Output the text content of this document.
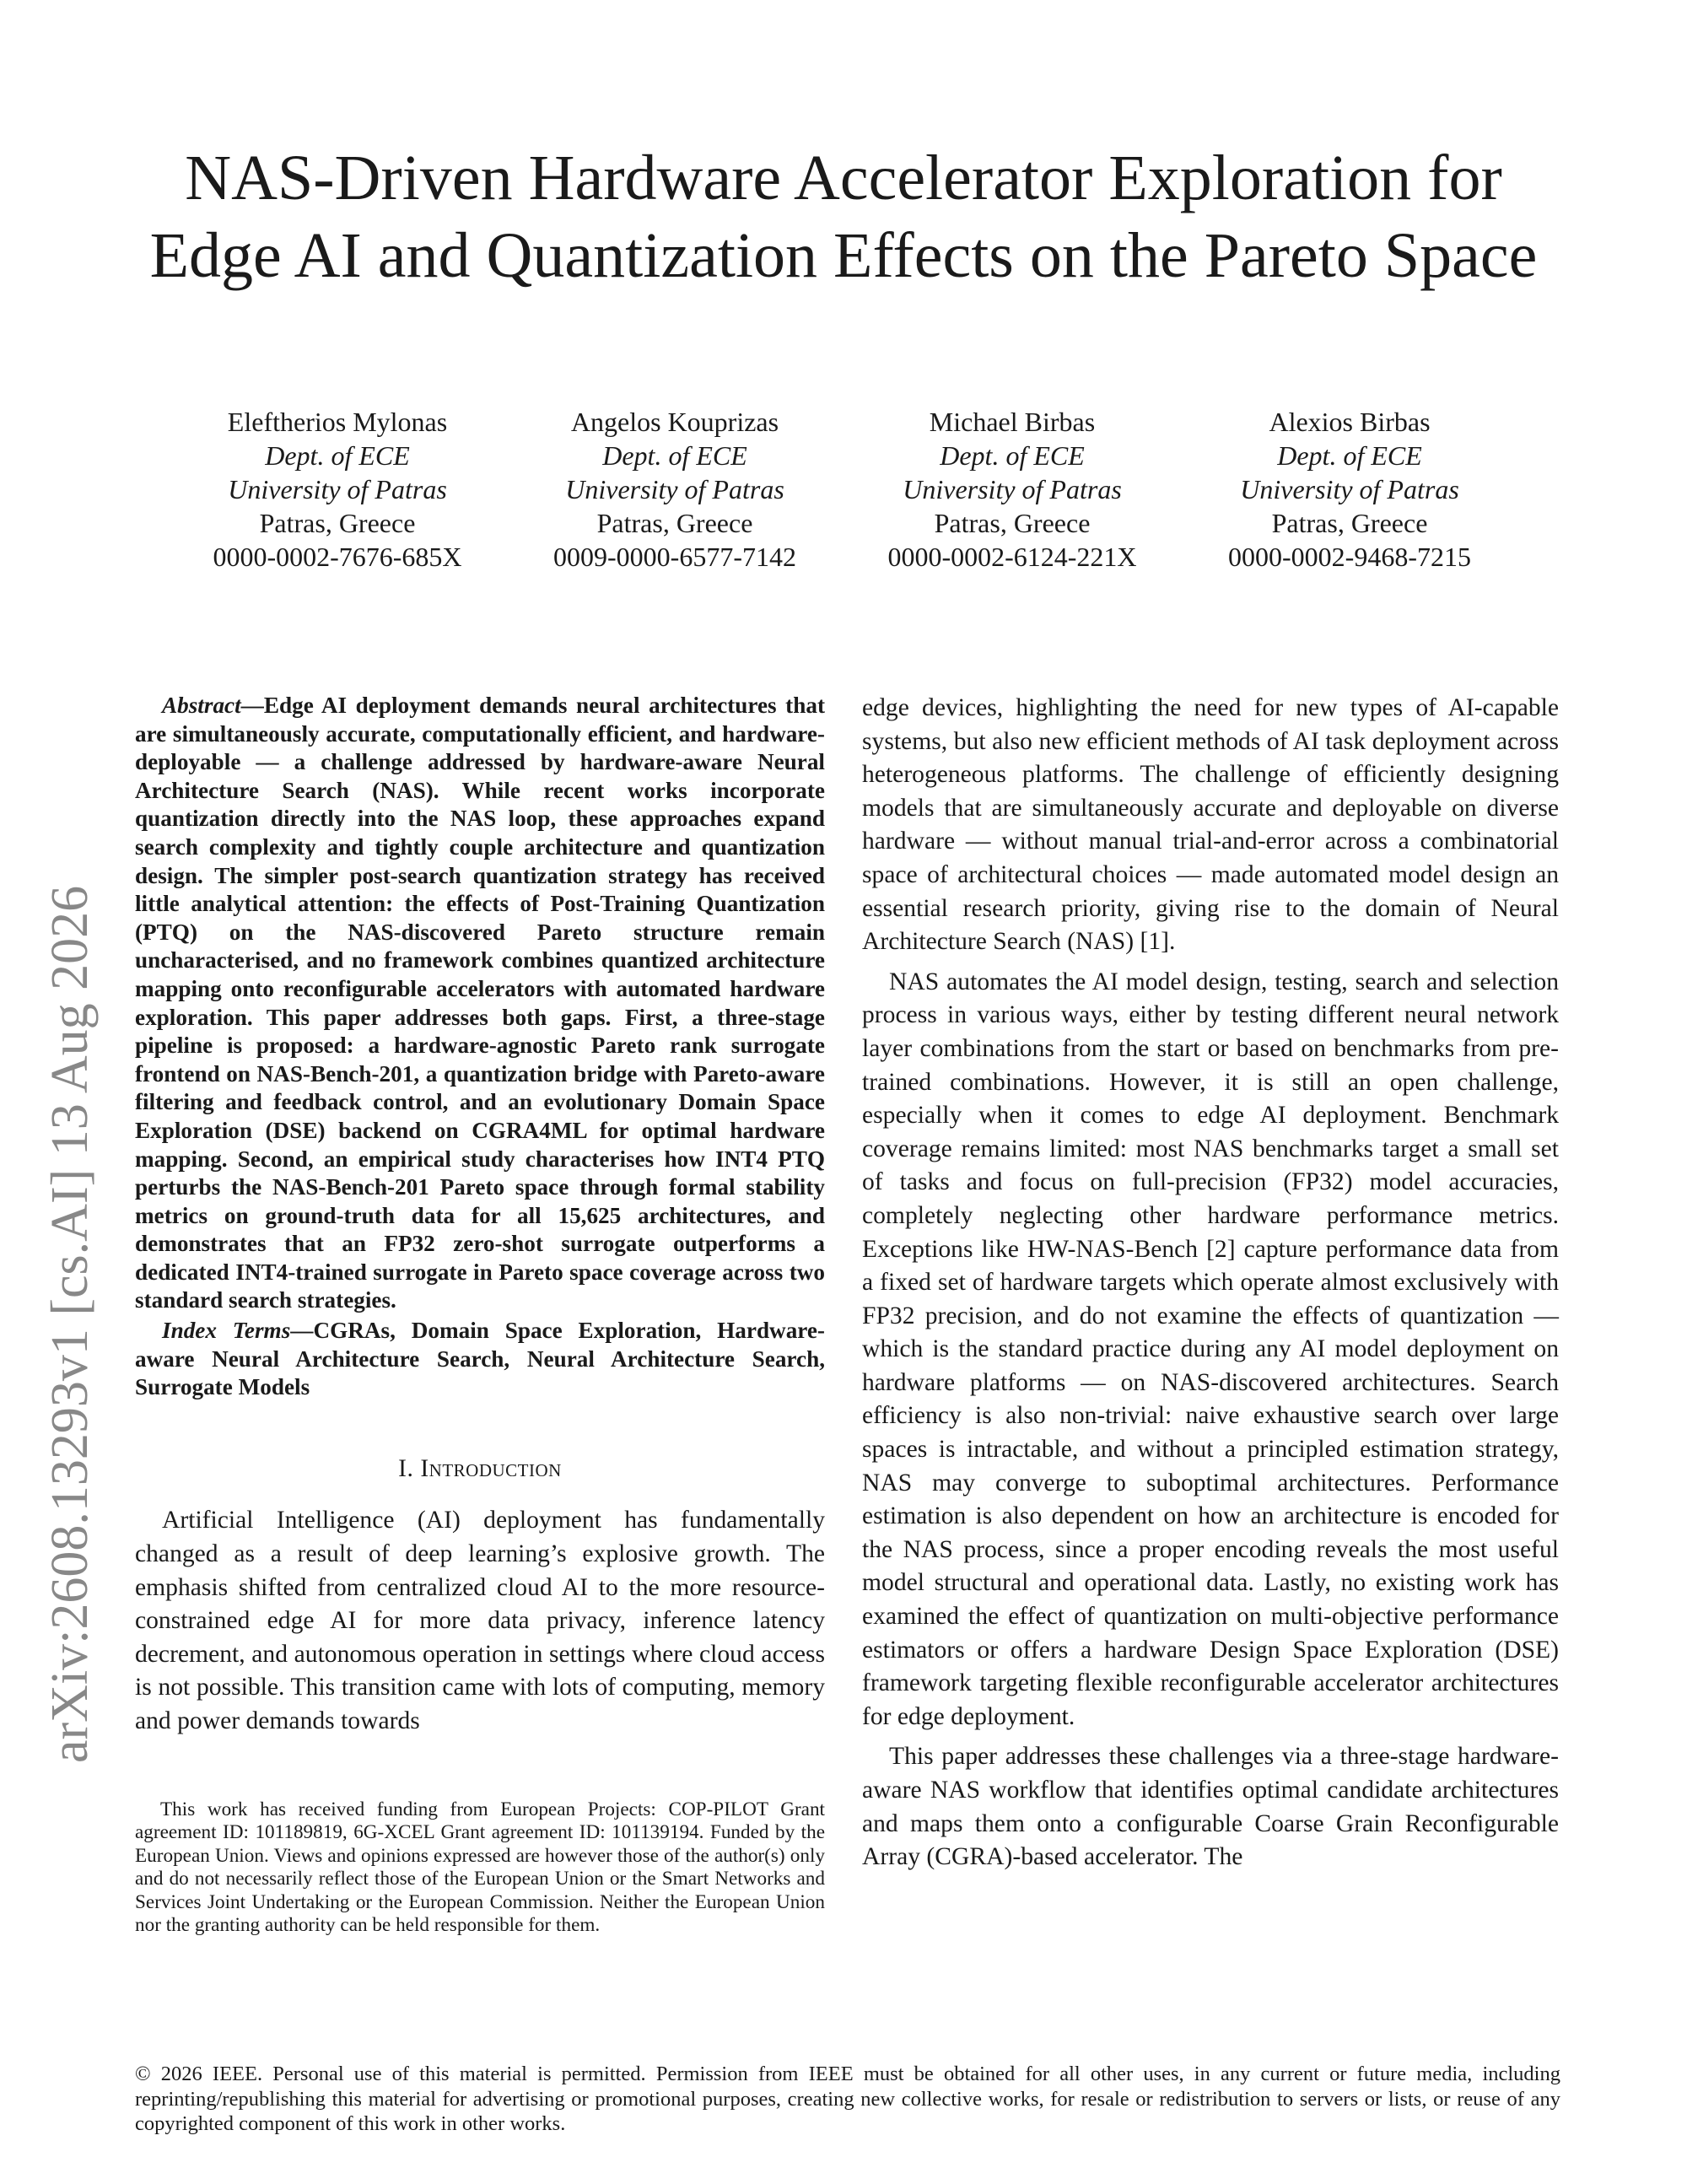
NAS-Driven Hardware Accelerator Exploration for Edge AI and Quantization Effects on the Pareto Space
Eleftherios Mylonas
Dept. of ECE
University of Patras
Patras, Greece
0000-0002-7676-685X
Angelos Kouprizas
Dept. of ECE
University of Patras
Patras, Greece
0009-0000-6577-7142
Michael Birbas
Dept. of ECE
University of Patras
Patras, Greece
0000-0002-6124-221X
Alexios Birbas
Dept. of ECE
University of Patras
Patras, Greece
0000-0002-9468-7215
arXiv:2608.13293v1 [cs.AI] 13 Aug 2026

Abstract—Edge AI deployment demands neural architectures that are simultaneously accurate, computationally efficient, and hardware-deployable — a challenge addressed by hardware-aware Neural Architecture Search (NAS). While recent works incorporate quantization directly into the NAS loop, these approaches expand search complexity and tightly couple architecture and quantization design. The simpler post-search quantization strategy has received little analytical attention: the effects of Post-Training Quantization (PTQ) on the NAS-discovered Pareto structure remain uncharacterised, and no framework combines quantized architecture mapping onto reconfigurable accelerators with automated hardware exploration. This paper addresses both gaps. First, a three-stage pipeline is proposed: a hardware-agnostic Pareto rank surrogate frontend on NAS-Bench-201, a quantization bridge with Pareto-aware filtering and feedback control, and an evolutionary Domain Space Exploration (DSE) backend on CGRA4ML for optimal hardware mapping. Second, an empirical study characterises how INT4 PTQ perturbs the NAS-Bench-201 Pareto space through formal stability metrics on ground-truth data for all 15,625 architectures, and demonstrates that an FP32 zero-shot surrogate outperforms a dedicated INT4-trained surrogate in Pareto space coverage across two standard search strategies.

Index Terms—CGRAs, Domain Space Exploration, Hardware-aware Neural Architecture Search, Neural Architecture Search, Surrogate Models

I. Introduction

Artificial Intelligence (AI) deployment has fundamentally changed as a result of deep learning’s explosive growth. The emphasis shifted from centralized cloud AI to the more resource-constrained edge AI for more data privacy, inference latency decrement, and autonomous operation in settings where cloud access is not possible. This transition came with lots of computing, memory and power demands towards

This work has received funding from European Projects: COP-PILOT Grant agreement ID: 101189819, 6G-XCEL Grant agreement ID: 101139194. Funded by the European Union. Views and opinions expressed are however those of the author(s) only and do not necessarily reflect those of the European Union or the Smart Networks and Services Joint Undertaking or the European Commission. Neither the European Union nor the granting authority can be held responsible for them.

edge devices, highlighting the need for new types of AI-capable systems, but also new efficient methods of AI task deployment across heterogeneous platforms. The challenge of efficiently designing models that are simultaneously accurate and deployable on diverse hardware — without manual trial-and-error across a combinatorial space of architectural choices — made automated model design an essential research priority, giving rise to the domain of Neural Architecture Search (NAS) [1].

NAS automates the AI model design, testing, search and selection process in various ways, either by testing different neural network layer combinations from the start or based on benchmarks from pre-trained combinations. However, it is still an open challenge, especially when it comes to edge AI deployment. Benchmark coverage remains limited: most NAS benchmarks target a small set of tasks and focus on full-precision (FP32) model accuracies, completely neglecting other hardware performance metrics. Exceptions like HW-NAS-Bench [2] capture performance data from a fixed set of hardware targets which operate almost exclusively with FP32 precision, and do not examine the effects of quantization — which is the standard practice during any AI model deployment on hardware platforms — on NAS-discovered architectures. Search efficiency is also non-trivial: naive exhaustive search over large spaces is intractable, and without a principled estimation strategy, NAS may converge to suboptimal architectures. Performance estimation is also dependent on how an architecture is encoded for the NAS process, since a proper encoding reveals the most useful model structural and operational data. Lastly, no existing work has examined the effect of quantization on multi-objective performance estimators or offers a hardware Design Space Exploration (DSE) framework targeting flexible reconfigurable accelerator architectures for edge deployment.

This paper addresses these challenges via a three-stage hardware-aware NAS workflow that identifies optimal candidate architectures and maps them onto a configurable Coarse Grain Reconfigurable Array (CGRA)-based accelerator. The

© 2026 IEEE. Personal use of this material is permitted. Permission from IEEE must be obtained for all other uses, in any current or future media, including reprinting/republishing this material for advertising or promotional purposes, creating new collective works, for resale or redistribution to servers or lists, or reuse of any copyrighted component of this work in other works.
